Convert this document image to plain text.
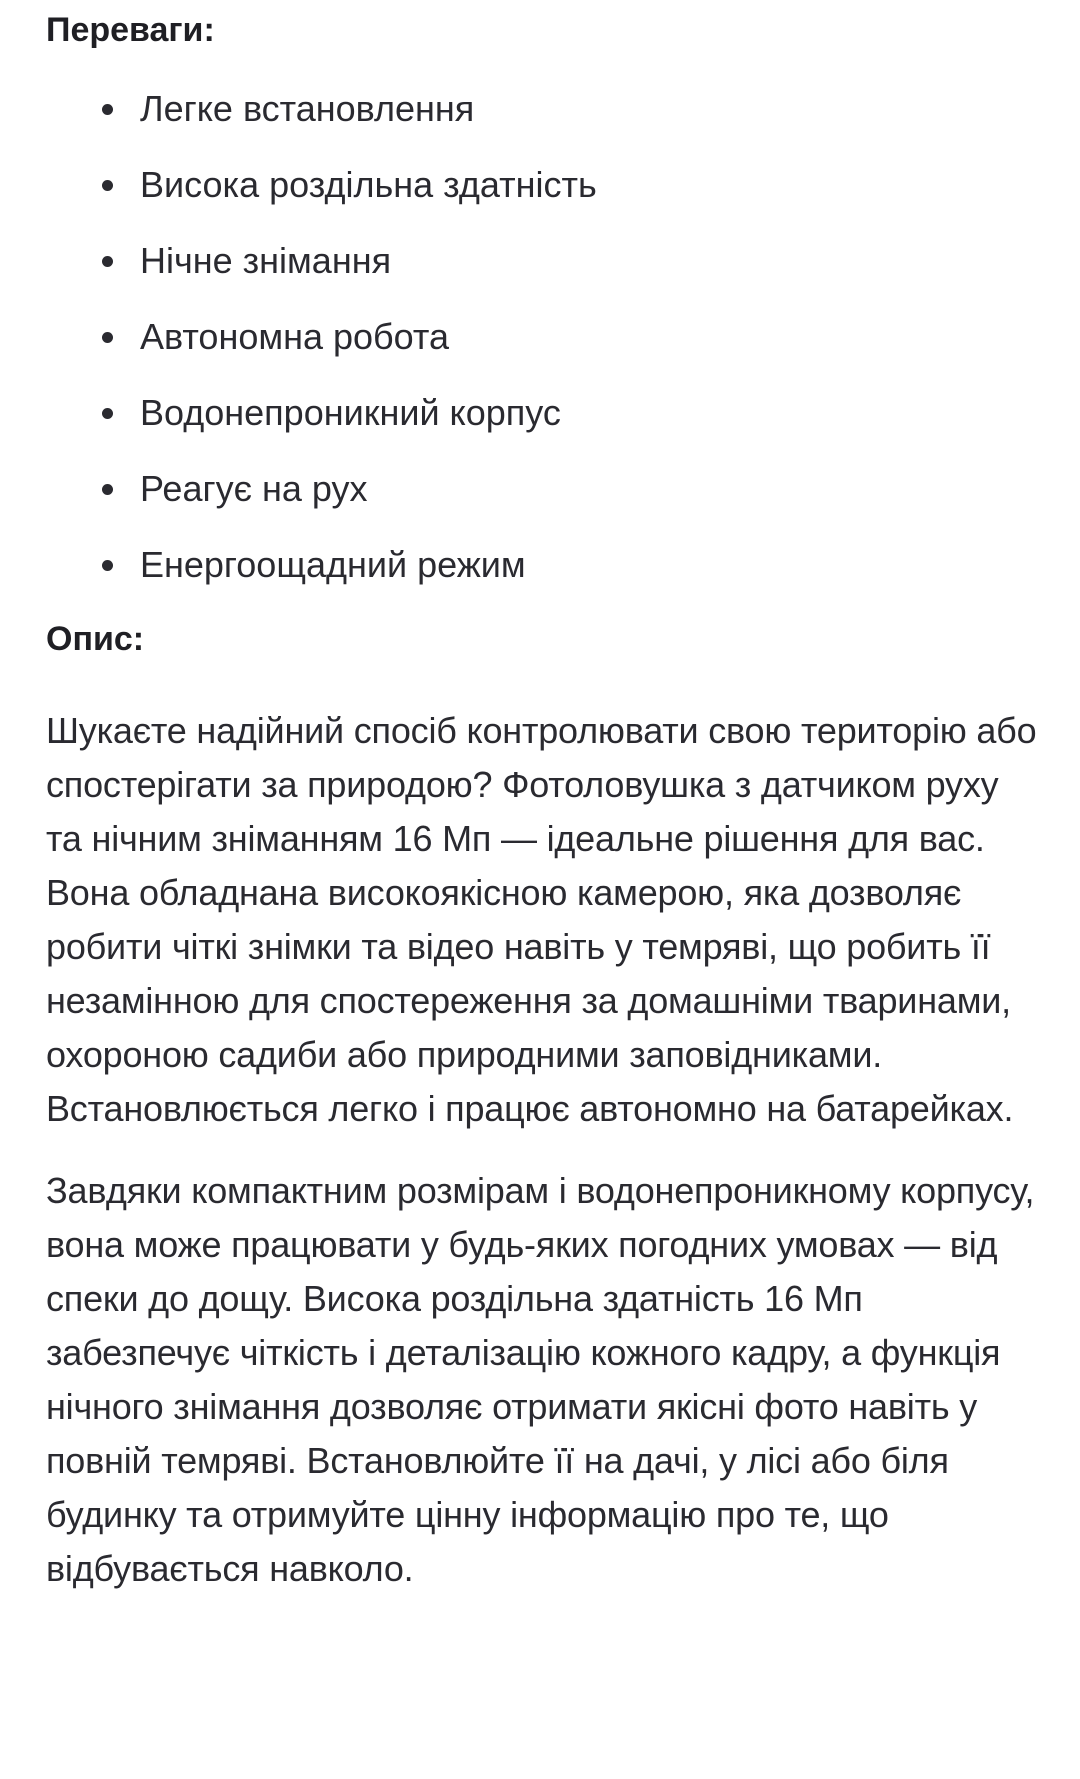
Переваги:
Легке встановлення
Висока роздільна здатність
Нічне знімання
Автономна робота
Водонепроникний корпус
Реагує на рух
Енергоощадний режим
Опис:

Шукаєте надійний спосіб контролювати свою територію або спостерігати за природою? Фотоловушка з датчиком руху та нічним зніманням 16 Мп — ідеальне рішення для вас. Вона обладнана високоякісною камерою, яка дозволяє робити чіткі знімки та відео навіть у темряві, що робить її незамінною для спостереження за домашніми тваринами, охороною садиби або природними заповідниками. Встановлюється легко і працює автономно на батарейках.

Завдяки компактним розмірам і водонепроникному корпусу, вона може працювати у будь-яких погодних умовах — від спеки до дощу. Висока роздільна здатність 16 Мп забезпечує чіткість і деталізацію кожного кадру, а функція нічного знімання дозволяє отримати якісні фото навіть у повній темряві. Встановлюйте її на дачі, у лісі або біля будинку та отримуйте цінну інформацію про те, що відбувається навколо.
